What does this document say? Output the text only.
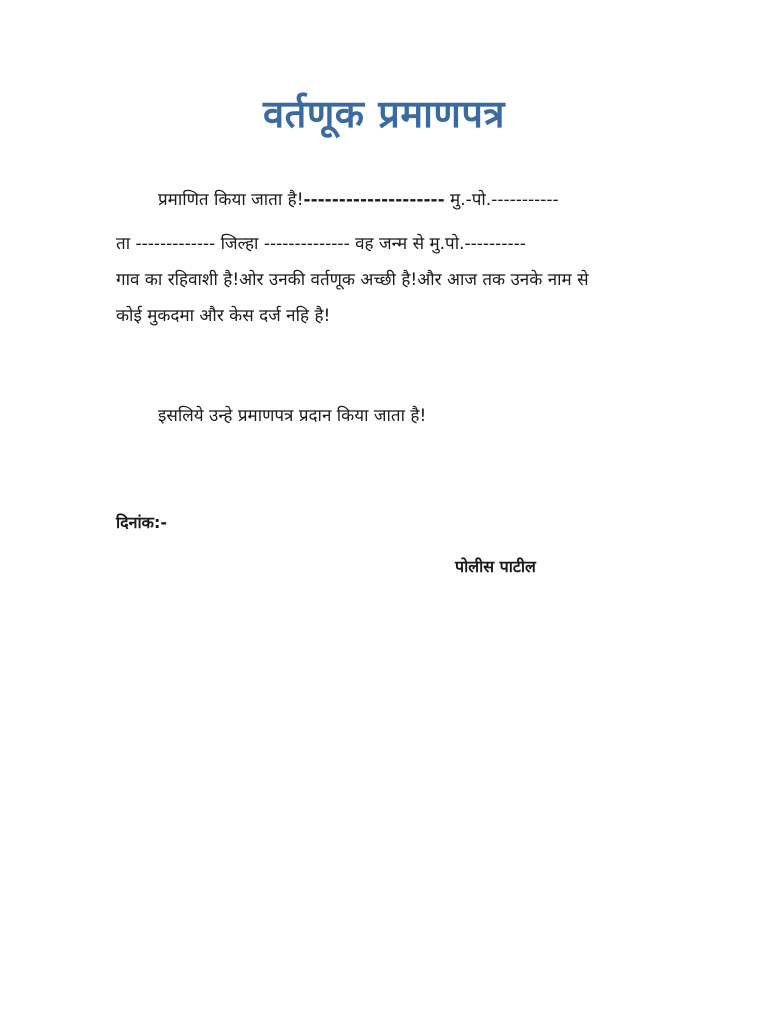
वर्तणूक प्रमाणपत्र
प्रमाणित किया जाता है!-------------------- मु.-पो.-----------
ता ------------- जिल्हा -------------- वह जन्म से मु.पो.----------
गाव का रहिवाशी है!ओर उनकी वर्तणूक अच्छी है!और आज तक उनके नाम से
कोई मुकदमा और केस दर्ज नहि है!
इसलिये उन्हे प्रमाणपत्र प्रदान किया जाता है!
दिनांक:-
पोलीस पाटील
